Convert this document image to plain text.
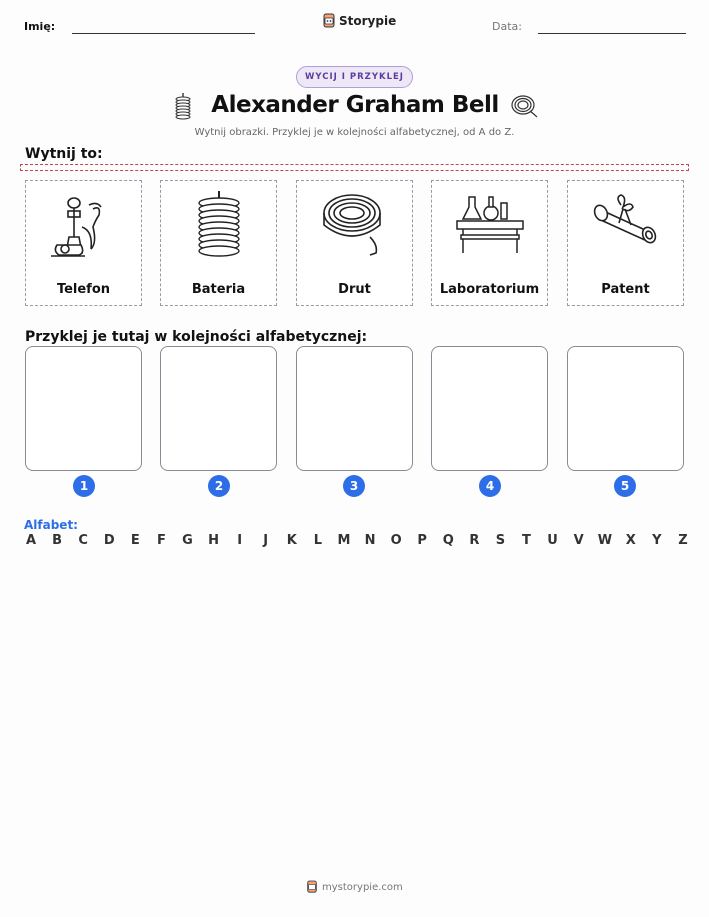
Imię:	Storypie	Data:
WYCIJ I PRZYKLEJ
Alexander Graham Bell
Wytnij obrazki. Przyklej je w kolejności alfabetycznej, od A do Z.
Wytnij to:
Telefon	Bateria	Drut	Laboratorium	Patent
Przyklej je tutaj w kolejności alfabetycznej:
1	2	3	4	5
Alfabet:
A B C D E F G H	I	J	K L M N O P Q R S T U V W X Y Z
mystorypie.com
